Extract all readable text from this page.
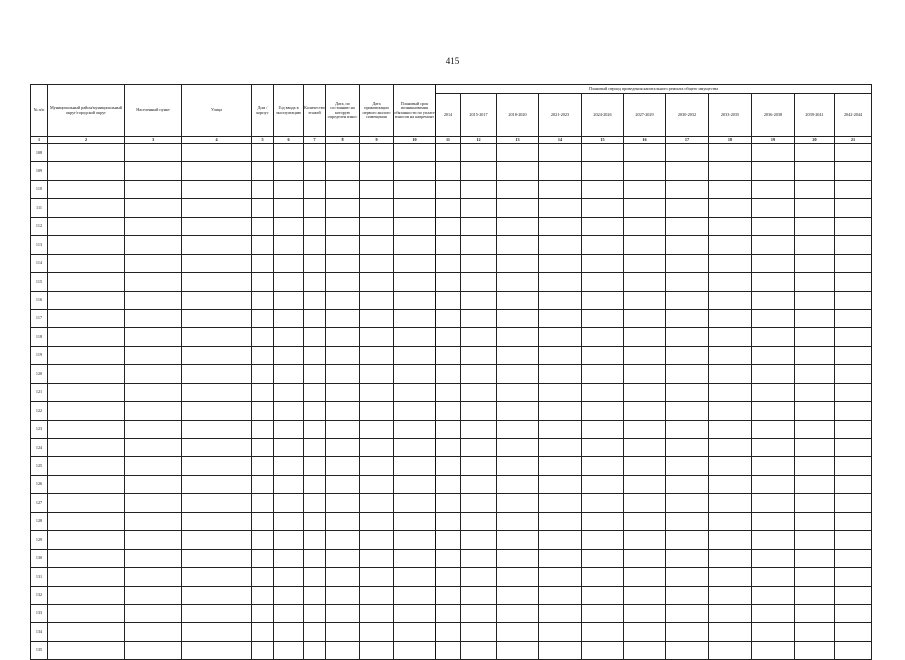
415
№ п/п	Муниципальный район/муниципальный округ/городской округ	Населенный пункт	Улица	Дом / корпус	Год ввода в эксплуатацию	Количество этажей	Дата, по состоянию на которую определен износ	Дата приватизации первого жилого помещения	Плановый срок возникновения обязанности по уплате взносов на капремонт	Плановый период проведения капитального ремонта общего имущества										
										2014	2015-2017	2018-2020	2021-2023	2024-2026	2027-2029	2030-2032	2033-2035	2036-2038	2039-2041	2042-2044
1	2	3	4	5	6	7	8	9	10	11	12	13	14	15	16	17	18	19	20	21
108																				
109																				
110																				
111																				
112																				
113																				
114																				
115																				
116																				
117																				
118																				
119																				
120																				
121																				
122																				
123																				
124																				
125																				
126																				
127																				
128																				
129																				
130																				
131																				
132																				
133																				
134																				
135																				
